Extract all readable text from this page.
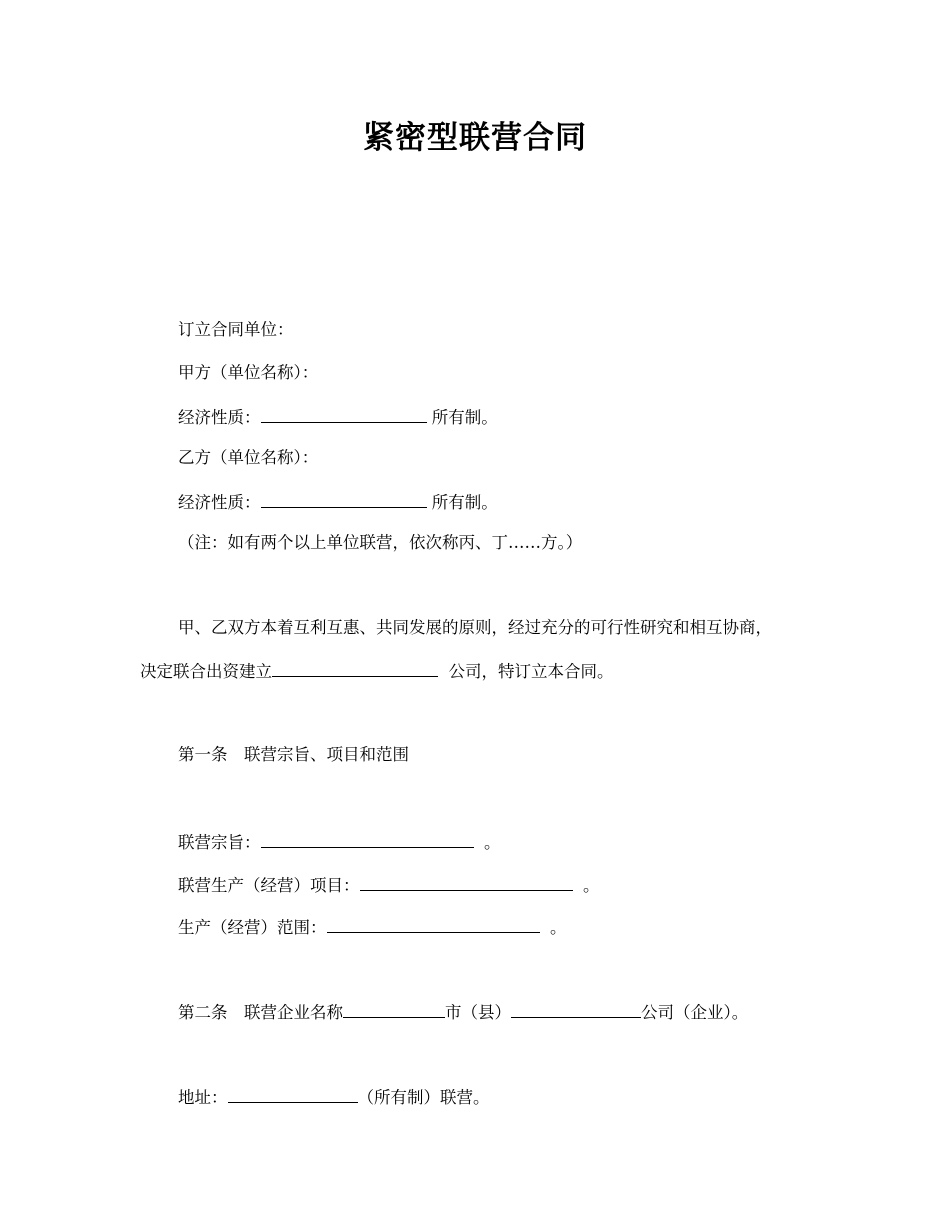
紧密型联营合同
订立合同单位：
甲方（单位名称）：
经济性质：	所有制。
乙方（单位名称）：
经济性质：	所有制。
（注：如有两个以上单位联营，依次称丙、丁……方。）
甲、乙双方本着互利互惠、共同发展的原则，经过充分的可行性研究和相互协商，
决定联合出资建立	公司，特订立本合同。
第一条　联营宗旨、项目和范围
联营宗旨：	。
联营生产（经营）项目：	。
生产（经营）范围：	。
第二条　联营企业名称	市（县）	公司（企业）。
地址：	（所有制）联营。
